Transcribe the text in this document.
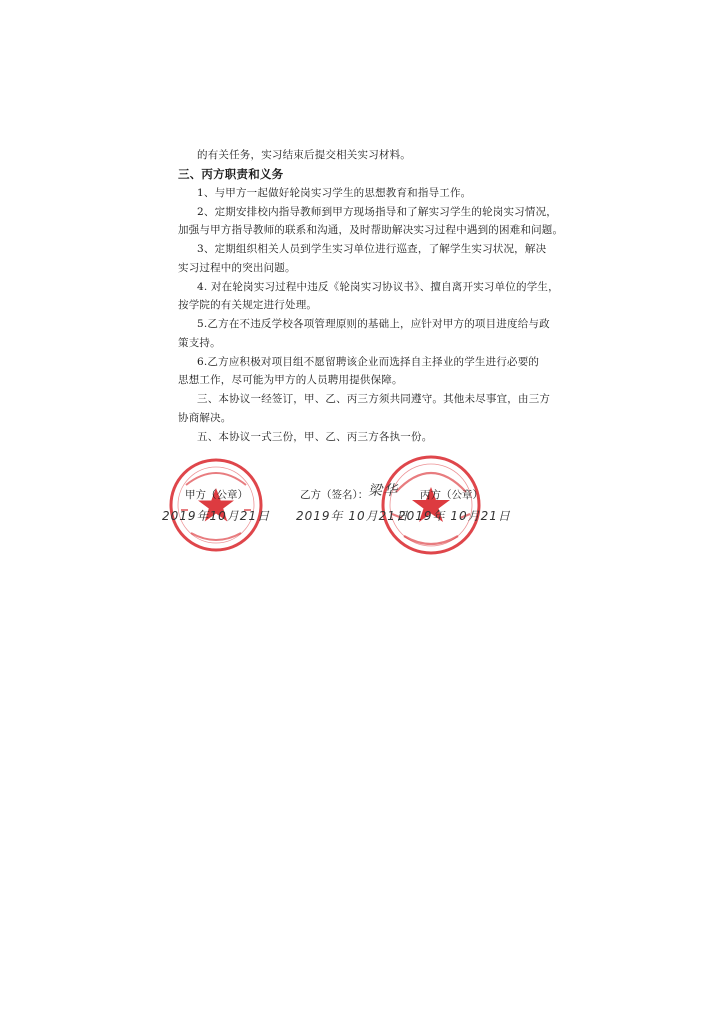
的有关任务，实习结束后提交相关实习材料。
三、丙方职责和义务
1、与甲方一起做好轮岗实习学生的思想教育和指导工作。
2、定期安排校内指导教师到甲方现场指导和了解实习学生的轮岗实习情况，
加强与甲方指导教师的联系和沟通，及时帮助解决实习过程中遇到的困难和问题。
3、定期组织相关人员到学生实习单位进行巡查，了解学生实习状况，解决
实习过程中的突出问题。
4. 对在轮岗实习过程中违反《轮岗实习协议书》、擅自离开实习单位的学生，
按学院的有关规定进行处理。
5.乙方在不违反学校各项管理原则的基础上，应针对甲方的项目进度给与政
策支持。
6.乙方应积极对项目组不愿留聘该企业而选择自主择业的学生进行必要的
思想工作，尽可能为甲方的人员聘用提供保障。
三、本协议一经签订，甲、乙、丙三方须共同遵守。其他未尽事宜，由三方
协商解决。
五、本协议一式三份，甲、乙、丙三方各执一份。
甲方（公章）	乙方（签名）： 梁华 丙方（公章）
2019年10月21日 2019年 10月21日
2019年 10月21日
